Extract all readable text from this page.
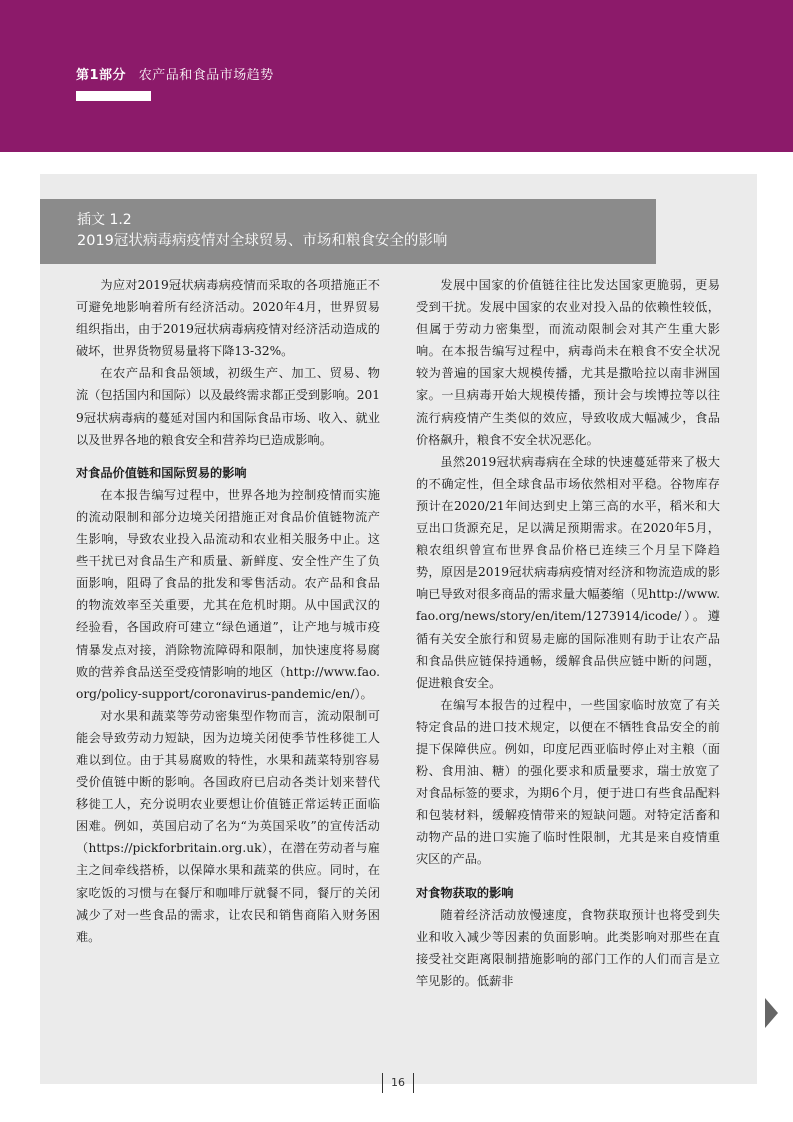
第1部分 农产品和食品市场趋势
插文 1.2
2019冠状病毒病疫情对全球贸易、市场和粮食安全的影响

为应对2019冠状病毒病疫情而采取的各项措施正不可避免地影响着所有经济活动。2020年4月，世界贸易组织指出，由于2019冠状病毒病疫情对经济活动造成的破坏，世界货物贸易量将下降13-32%。

在农产品和食品领域，初级生产、加工、贸易、物流（包括国内和国际）以及最终需求都正受到影响。2019冠状病毒病的蔓延对国内和国际食品市场、收入、就业以及世界各地的粮食安全和营养均已造成影响。

对食品价值链和国际贸易的影响

在本报告编写过程中，世界各地为控制疫情而实施的流动限制和部分边境关闭措施正对食品价值链物流产生影响，导致农业投入品流动和农业相关服务中止。这些干扰已对食品生产和质量、新鲜度、安全性产生了负面影响，阻碍了食品的批发和零售活动。农产品和食品的物流效率至关重要，尤其在危机时期。从中国武汉的经验看，各国政府可建立“绿色通道”，让产地与城市疫情暴发点对接，消除物流障碍和限制，加快速度将易腐败的营养食品送至受疫情影响的地区（http://www.fao.org/policy-support/coronavirus-pandemic/en/）。

对水果和蔬菜等劳动密集型作物而言，流动限制可能会导致劳动力短缺，因为边境关闭使季节性移徙工人难以到位。由于其易腐败的特性，水果和蔬菜特别容易受价值链中断的影响。各国政府已启动各类计划来替代移徙工人，充分说明农业要想让价值链正常运转正面临困难。例如，英国启动了名为“为英国采收”的宣传活动（https://pickforbritain.org.uk），在潜在劳动者与雇主之间牵线搭桥，以保障水果和蔬菜的供应。同时，在家吃饭的习惯与在餐厅和咖啡厅就餐不同，餐厅的关闭减少了对一些食品的需求，让农民和销售商陷入财务困难。

发展中国家的价值链往往比发达国家更脆弱，更易受到干扰。发展中国家的农业对投入品的依赖性较低，但属于劳动力密集型，而流动限制会对其产生重大影响。在本报告编写过程中，病毒尚未在粮食不安全状况较为普遍的国家大规模传播，尤其是撒哈拉以南非洲国家。一旦病毒开始大规模传播，预计会与埃博拉等以往流行病疫情产生类似的效应，导致收成大幅减少，食品价格飙升，粮食不安全状况恶化。

虽然2019冠状病毒病在全球的快速蔓延带来了极大的不确定性，但全球食品市场依然相对平稳。谷物库存预计在2020/21年间达到史上第三高的水平，稻米和大豆出口货源充足，足以满足预期需求。在2020年5月，粮农组织曾宣布世界食品价格已连续三个月呈下降趋势，原因是2019冠状病毒病疫情对经济和物流造成的影响已导致对很多商品的需求量大幅萎缩（见http://www.fao.org/news/story/en/item/1273914/icode/）。遵循有关安全旅行和贸易走廊的国际准则有助于让农产品和食品供应链保持通畅，缓解食品供应链中断的问题，促进粮食安全。

在编写本报告的过程中，一些国家临时放宽了有关特定食品的进口技术规定，以便在不牺牲食品安全的前提下保障供应。例如，印度尼西亚临时停止对主粮（面粉、食用油、糖）的强化要求和质量要求，瑞士放宽了对食品标签的要求，为期6个月，便于进口有些食品配料和包装材料，缓解疫情带来的短缺问题。对特定活畜和动物产品的进口实施了临时性限制，尤其是来自疫情重灾区的产品。

对食物获取的影响

随着经济活动放慢速度，食物获取预计也将受到失业和收入减少等因素的负面影响。此类影响对那些在直接受社交距离限制措施影响的部门工作的人们而言是立竿见影的。低薪非

16
